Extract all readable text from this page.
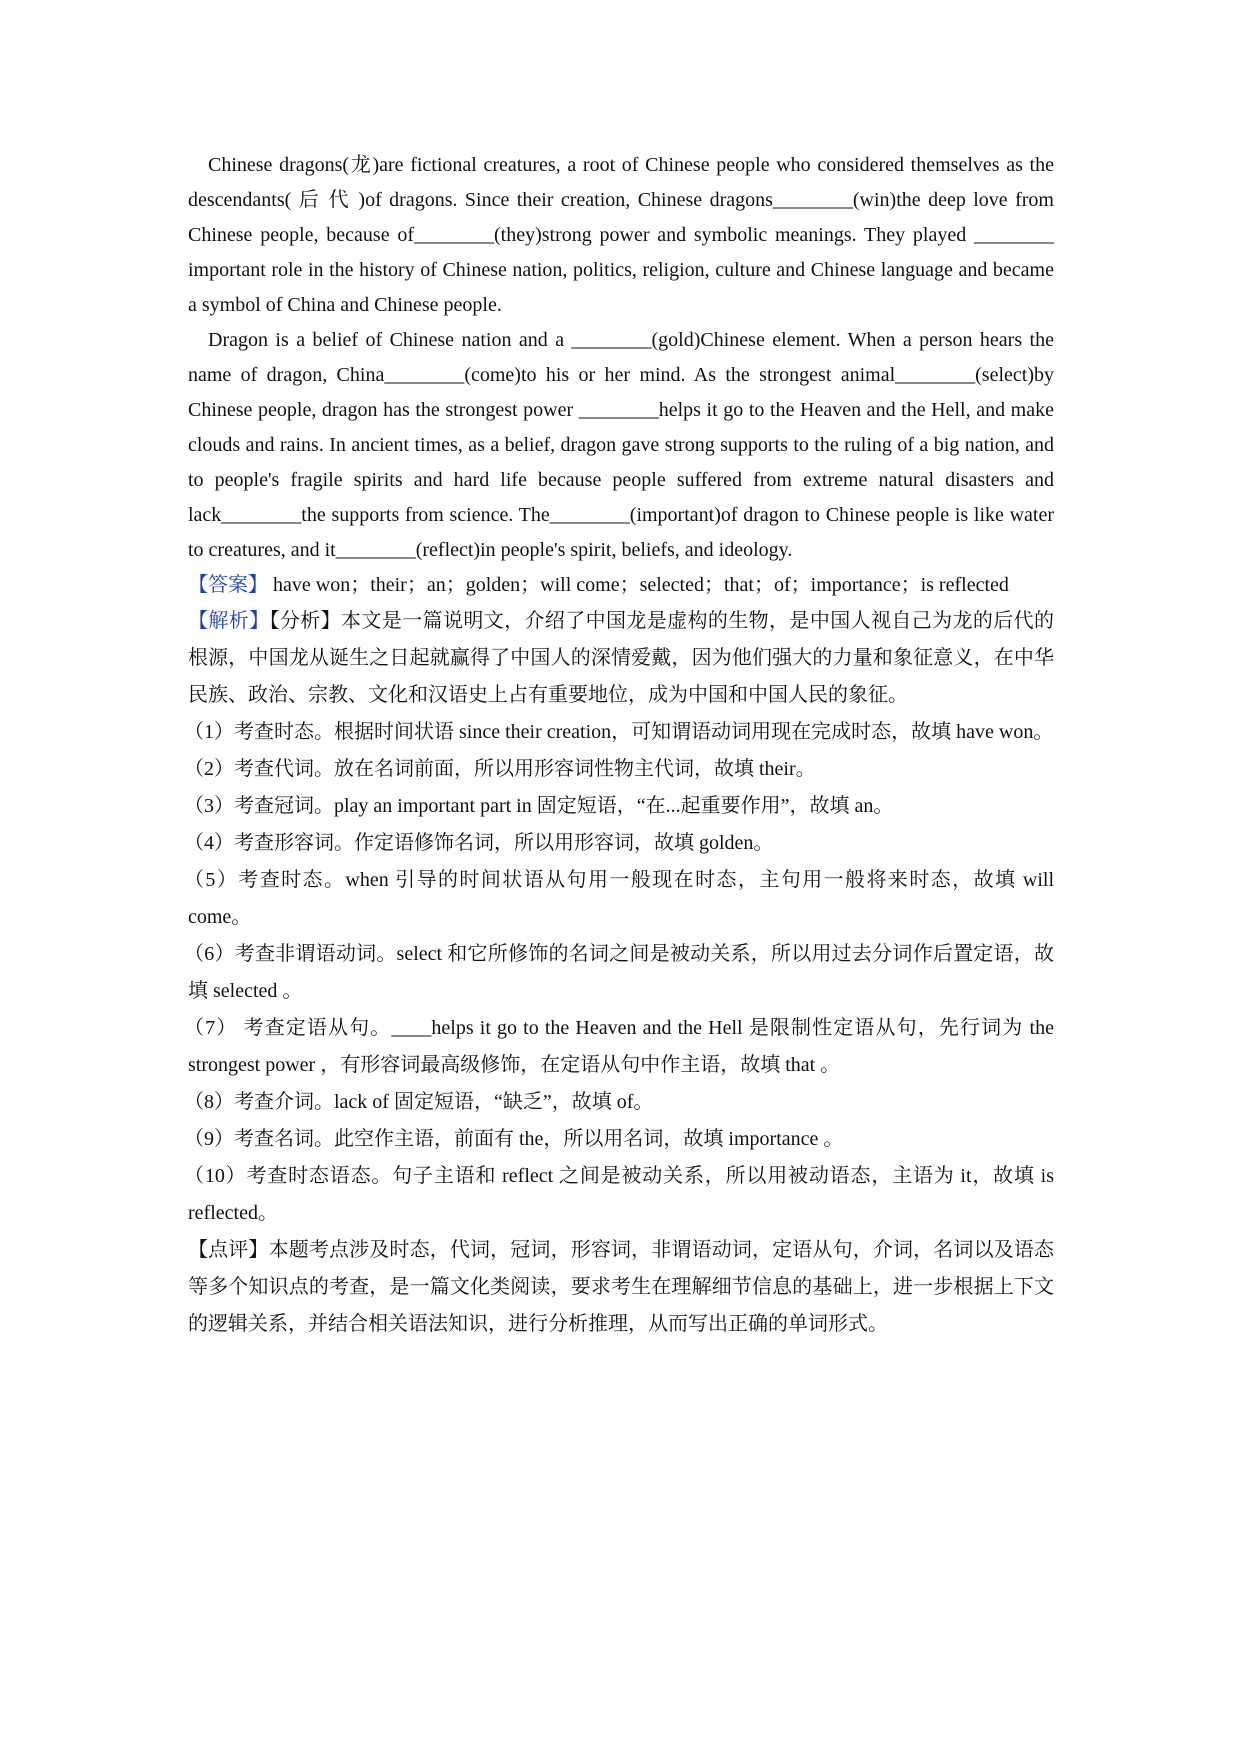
Chinese dragons(龙)are fictional creatures, a root of Chinese people who considered themselves as the descendants( 后 代 )of dragons. Since their creation, Chinese dragons________(win)the deep love from Chinese people, because of________(they)strong power and symbolic meanings. They played ________ important role in the history of Chinese nation, politics, religion, culture and Chinese language and became a symbol of China and Chinese people.

Dragon is a belief of Chinese nation and a ________(gold)Chinese element. When a person hears the name of dragon, China________(come)to his or her mind. As the strongest animal________(select)by Chinese people, dragon has the strongest power ________helps it go to the Heaven and the Hell, and make clouds and rains. In ancient times, as a belief, dragon gave strong supports to the ruling of a big nation, and to people's fragile spirits and hard life because people suffered from extreme natural disasters and lack________the supports from science. The________(important)of dragon to Chinese people is like water to creatures, and it________(reflect)in people's spirit, beliefs, and ideology.

【答案】 have won；their；an；golden；will come；selected；that；of；importance；is reflected

【解析】【分析】本文是一篇说明文，介绍了中国龙是虚构的生物，是中国人视自己为龙的后代的根源，中国龙从诞生之日起就赢得了中国人的深情爱戴，因为他们强大的力量和象征意义，在中华民族、政治、宗教、文化和汉语史上占有重要地位，成为中国和中国人民的象征。

（1）考查时态。根据时间状语 since their creation，可知谓语动词用现在完成时态，故填 have won。

（2）考查代词。放在名词前面，所以用形容词性物主代词，故填 their。

（3）考查冠词。play an important part in 固定短语，“在...起重要作用”，故填 an。

（4）考查形容词。作定语修饰名词，所以用形容词，故填 golden。

（5）考查时态。when 引导的时间状语从句用一般现在时态，主句用一般将来时态，故填 will come。

（6）考查非谓语动词。select 和它所修饰的名词之间是被动关系，所以用过去分词作后置定语，故填 selected 。

（7） 考查定语从句。____helps it go to the Heaven and the Hell 是限制性定语从句，先行词为 the strongest power ，有形容词最高级修饰，在定语从句中作主语，故填 that 。

（8）考查介词。lack of 固定短语，“缺乏”，故填 of。

（9）考查名词。此空作主语，前面有 the，所以用名词，故填 importance 。

（10）考查时态语态。句子主语和 reflect 之间是被动关系，所以用被动语态，主语为 it，故填 is reflected。

【点评】本题考点涉及时态，代词，冠词，形容词，非谓语动词，定语从句，介词，名词以及语态等多个知识点的考查，是一篇文化类阅读，要求考生在理解细节信息的基础上，进一步根据上下文的逻辑关系，并结合相关语法知识，进行分析推理，从而写出正确的单词形式。
